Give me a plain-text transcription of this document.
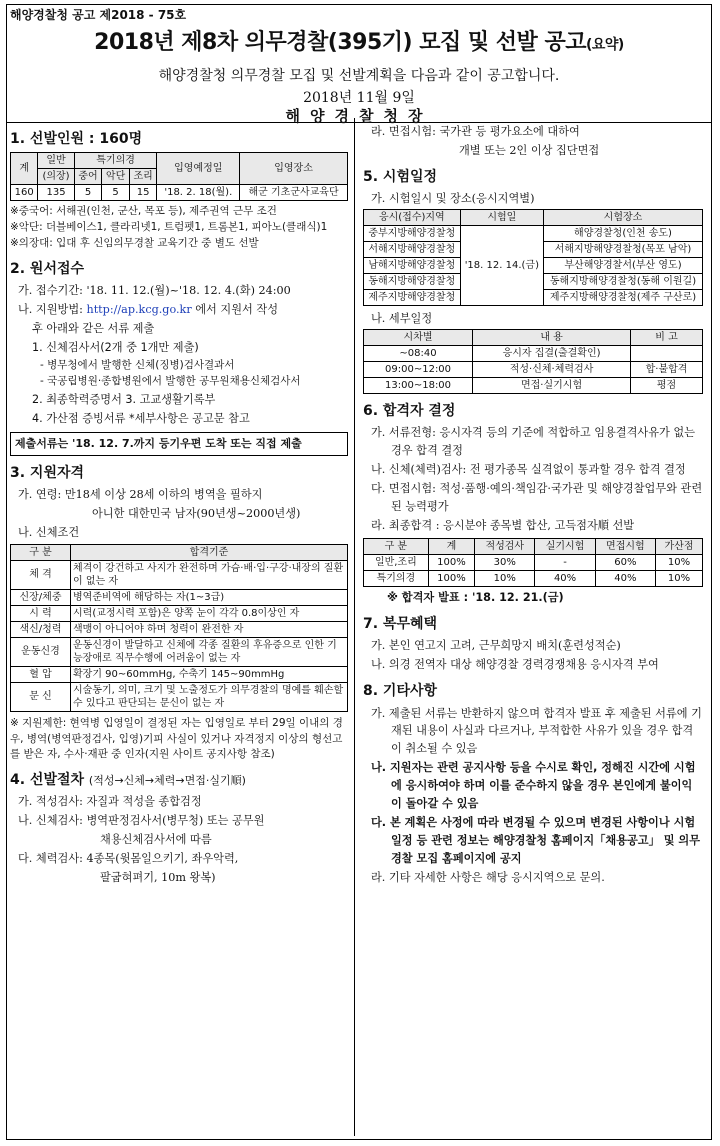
해양경찰청 공고 제2018 - 75호
2018년 제8차 의무경찰(395기) 모집 및 선발 공고(요약)
해양경찰청 의무경찰 모집 및 선발계획을 다음과 같이 공고합니다.
2018년 11월 9일
해양경찰청장
1. 선발인원 : 160명
계	일반	특기의경			입영예정일	입영장소
	(의장)	중어	악단	조리		
160	135	5	5	15	'18. 2. 18(월).	해군 기초군사교육단
※중국어: 서해권(인천, 군산, 목포 등), 제주권역 근무 조건
※악단: 더블베이스1, 클라리넷1, 트럼펫1, 트롬본1, 피아노(클래식)1
※의장대: 입대 후 신임의무경찰 교육기간 중 별도 선발
2. 원서접수
가. 접수기간: '18. 11. 12.(월)~'18. 12. 4.(화) 24:00
나. 지원방법: http://ap.kcg.go.kr 에서 지원서 작성
후 아래와 같은 서류 제출
1. 신체검사서(2개 중 1개만 제출)
- 병무청에서 발행한 신체(징병)검사결과서
- 국공립병원·종합병원에서 발행한 공무원채용신체검사서
2. 최종학력증명서 3. 고교생활기록부
4. 가산점 증빙서류 *세부사항은 공고문 참고
제출서류는 '18. 12. 7.까지 등기우편 도착 또는 직접 제출
3. 지원자격
가. 연령: 만18세 이상 28세 이하의 병역을 필하지
아니한 대한민국 남자(90년생~2000년생)
나. 신체조건
구 분	합격기준
체 격	체격이 강건하고 사지가 완전하며 가슴·배·입·구강·내장의 질환이 없는 자
신장/체중	병역준비역에 해당하는 자(1~3급)
시 력	시력(교정시력 포함)은 양쪽 눈이 각각 0.8이상인 자
색신/청력	색맹이 아니어야 하며 청력이 완전한 자
운동신경	운동신경이 발달하고 신체에 각종 질환의 후유증으로 인한 기능장애로 직무수행에 어려움이 없는 자
혈 압	확장기 90~60mmHg, 수축기 145~90mmHg
문 신	시술동기, 의미, 크기 및 노출정도가 의무경찰의 명예를 훼손할 수 있다고 판단되는 문신이 없는 자
※ 지원제한: 현역병 입영일이 결정된 자는 입영일로 부터 29일 이내의 경우, 병역(병역판정검사, 입영)기피 사실이 있거나 자격정지 이상의 형선고를 받은 자, 수사·재판 중 인자(지원 사이트 공지사항 참조)
4. 선발절차 (적성→신체→체력→면접·실기順)
가. 적성검사: 자질과 적성을 종합검정
나. 신체검사: 병역판정검사서(병무청) 또는 공무원
채용신체검사서에 따름
다. 체력검사: 4종목(윗몸일으키기, 좌우악력,
팔굽혀펴기, 10m 왕복)
라. 면접시험: 국가관 등 평가요소에 대하여
개별 또는 2인 이상 집단면접
5. 시험일정
가. 시험일시 및 장소(응시지역별)
응시(접수)지역	시험일	시험장소
중부지방해양경찰청	'18. 12. 14.(금)	해양경찰청(인천 송도)
서해지방해양경찰청		서해지방해양경찰청(목포 남악)
남해지방해양경찰청		부산해양경찰서(부산 영도)
동해지방해양경찰청		동해지방해양경찰청(동해 이원길)
제주지방해양경찰청		제주지방해양경찰청(제주 구산로)
나. 세부일정
시차별	내 용	비 고
~08:40	응시자 집결(출결확인)	
09:00~12:00	적성·신체·체력검사	합·불합격
13:00~18:00	면접·실기시험	평점
6. 합격자 결정
가. 서류전형: 응시자격 등의 기준에 적합하고 임용결격사유가 없는 경우 합격 결정
나. 신체(체력)검사: 전 평가종목 실격없이 통과할 경우 합격 결정
다. 면접시험: 적성·품행·예의·책임감·국가관 및 해양경찰업무와 관련된 능력평가
라. 최종합격 : 응시분야 종목별 합산, 고득점자順 선발
구 분	계	적성검사	실기시험	면접시험	가산점
일반,조리	100%	30%	-	60%	10%
특기의경	100%	10%	40%	40%	10%
※ 합격자 발표 : '18. 12. 21.(금)
7. 복무혜택
가. 본인 연고지 고려, 근무희망지 배치(훈련성적순)
나. 의경 전역자 대상 해양경찰 경력경쟁채용 응시자격 부여
8. 기타사항
가. 제출된 서류는 반환하지 않으며 합격자 발표 후 제출된 서류에 기재된 내용이 사실과 다르거나, 부적합한 사유가 있을 경우 합격이 취소될 수 있음
나. 지원자는 관련 공지사항 등을 수시로 확인, 정해진 시간에 시험에 응시하여야 하며 이를 준수하지 않을 경우 본인에게 불이익이 돌아갈 수 있음
다. 본 계획은 사정에 따라 변경될 수 있으며 변경된 사항이나 시험일정 등 관련 정보는 해양경찰청 홈페이지「채용공고」 및 의무경찰 모집 홈페이지에 공지
라. 기타 자세한 사항은 해당 응시지역으로 문의.
